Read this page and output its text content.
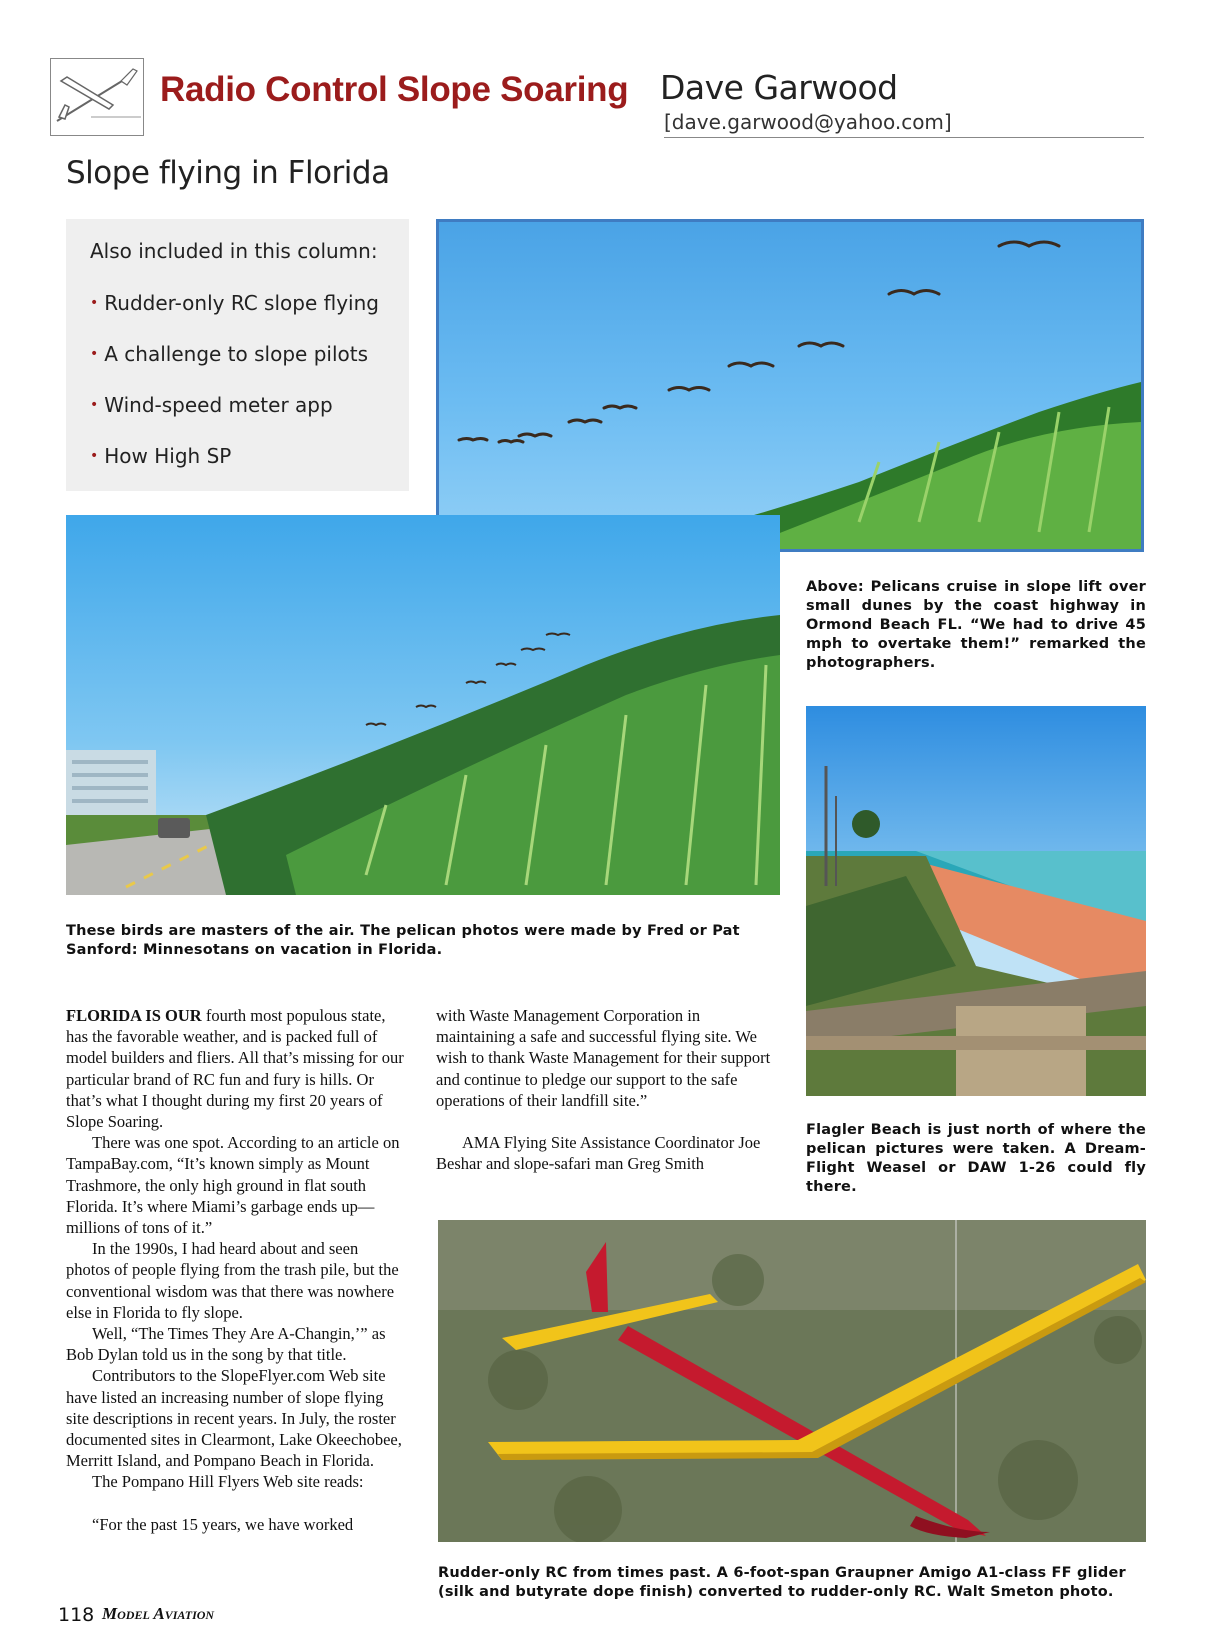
Radio Control Slope Soaring Dave Garwood
[dave.garwood@yahoo.com]
Slope flying in Florida
Also included in this column:
• Rudder-only RC slope flying
• A challenge to slope pilots
• Wind-speed meter app
• How High SP
Above: Pelicans cruise in slope lift over small dunes by the coast highway in Ormond Beach FL. “We had to drive 45 mph to overtake them!” remarked the photographers.
These birds are masters of the air. The pelican photos were made by Fred or Pat Sanford: Minnesotans on vacation in Florida.
Flagler Beach is just north of where the pelican pictures were taken. A Dream-Flight Weasel or DAW 1-26 could fly there.
Rudder-only RC from times past. A 6-foot-span Graupner Amigo A1-class FF glider (silk and butyrate dope finish) converted to rudder-only RC. Walt Smeton photo.

FLORIDA IS OUR fourth most populous state, has the favorable weather, and is packed full of model builders and fliers. All that’s missing for our particular brand of RC fun and fury is hills. Or that’s what I thought during my first 20 years of Slope Soaring.

There was one spot. According to an article on TampaBay.com, “It’s known simply as Mount Trashmore, the only high ground in flat south Florida. It’s where Miami’s garbage ends up—millions of tons of it.”

In the 1990s, I had heard about and seen photos of people flying from the trash pile, but the conventional wisdom was that there was nowhere else in Florida to fly slope.

Well, “The Times They Are A-Changin,’” as Bob Dylan told us in the song by that title.

Contributors to the SlopeFlyer.com Web site have listed an increasing number of slope flying site descriptions in recent years. In July, the roster documented sites in Clearmont, Lake Okeechobee, Merritt Island, and Pompano Beach in Florida.

The Pompano Hill Flyers Web site reads:

“For the past 15 years, we have worked

with Waste Management Corporation in maintaining a safe and successful flying site. We wish to thank Waste Management for their support and continue to pledge our support to the safe operations of their landfill site.”

AMA Flying Site Assistance Coordinator Joe Beshar and slope-safari man Greg Smith

118 Model Aviation
